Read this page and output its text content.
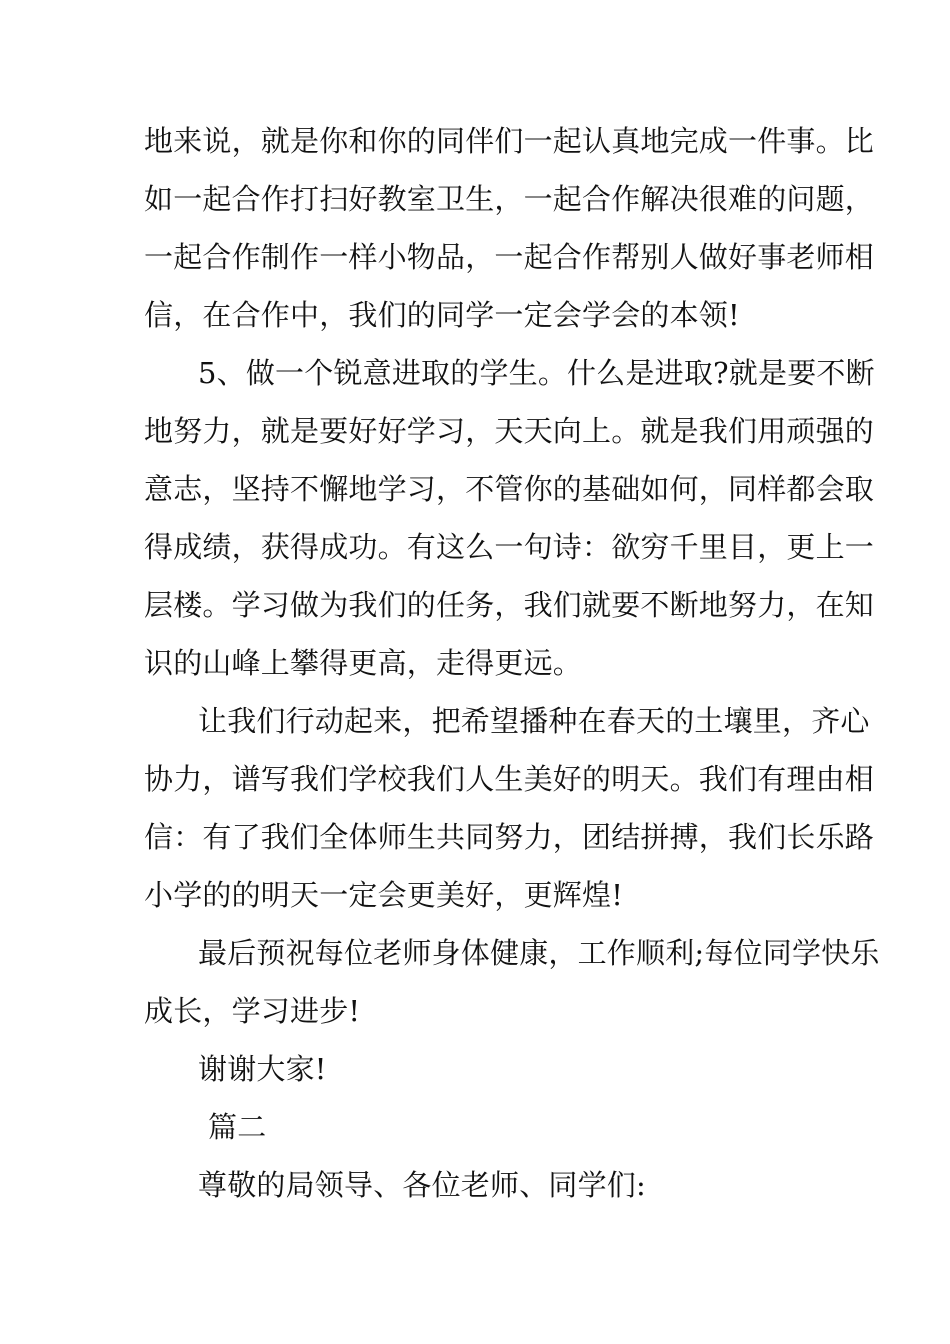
地来说，就是你和你的同伴们一起认真地完成一件事。比
如一起合作打扫好教室卫生，一起合作解决很难的问题，
一起合作制作一样小物品，一起合作帮别人做好事老师相
信，在合作中，我们的同学一定会学会的本领!
5、做一个锐意进取的学生。什么是进取?就是要不断
地努力，就是要好好学习，天天向上。就是我们用顽强的
意志，坚持不懈地学习，不管你的基础如何，同样都会取
得成绩，获得成功。有这么一句诗：欲穷千里目，更上一
层楼。学习做为我们的任务，我们就要不断地努力，在知
识的山峰上攀得更高，走得更远。
让我们行动起来，把希望播种在春天的土壤里，齐心
协力，谱写我们学校我们人生美好的明天。我们有理由相
信：有了我们全体师生共同努力，团结拼搏，我们长乐路
小学的的明天一定会更美好，更辉煌!
最后预祝每位老师身体健康，工作顺利;每位同学快乐
成长，学习进步!
谢谢大家!
篇二
尊敬的局领导、各位老师、同学们:
